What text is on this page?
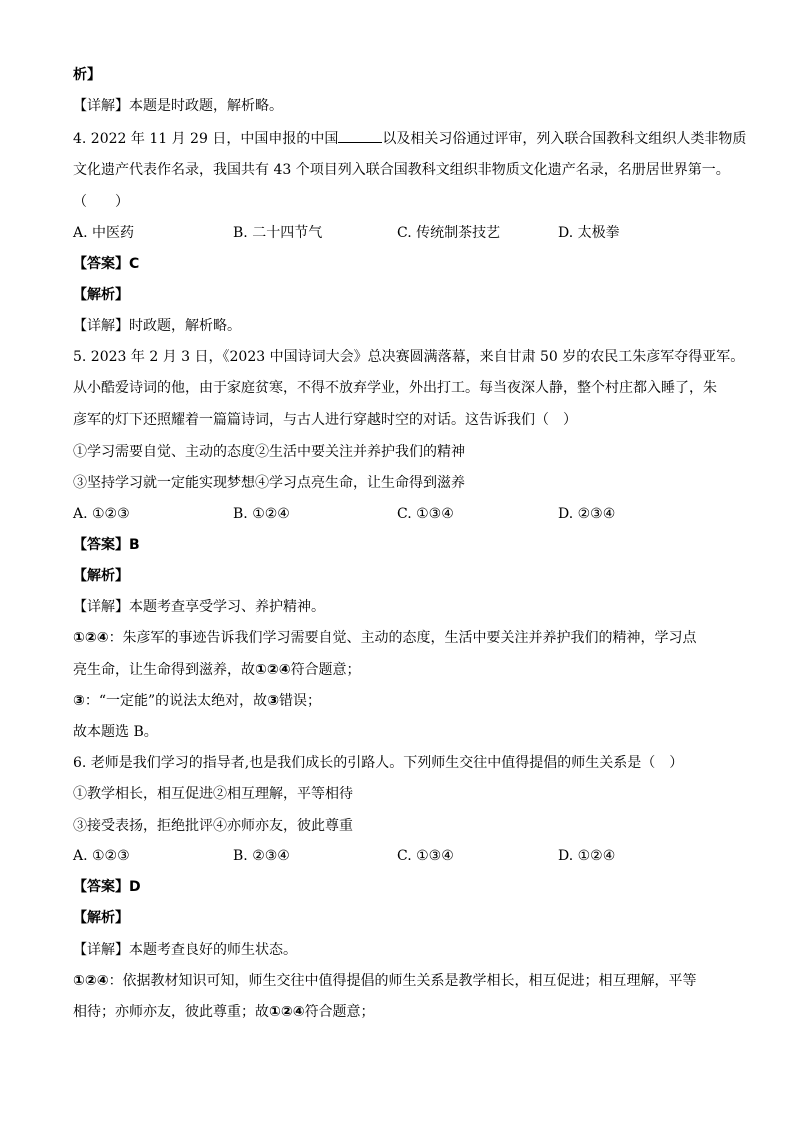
析】
【详解】本题是时政题，解析略。
4. 2022 年 11 月 29 日，中国申报的中国	以及相关习俗通过评审，列入联合国教科文组织人类非物质
文化遗产代表作名录，我国共有 43 个项目列入联合国教科文组织非物质文化遗产名录，名册居世界第一。
（　　）
A. 中医药	B. 二十四节气	C. 传统制茶技艺	D. 太极拳
【答案】C
【解析】
【详解】时政题，解析略。
5. 2023 年 2 月 3 日，《2023 中国诗词大会》总决赛圆满落幕，来自甘肃 50 岁的农民工朱彦军夺得亚军。
从小酷爱诗词的他，由于家庭贫寒，不得不放弃学业，外出打工。每当夜深人静，整个村庄都入睡了，朱
彦军的灯下还照耀着一篇篇诗词，与古人进行穿越时空的对话。这告诉我们（　）
①学习需要自觉、主动的态度②生活中要关注并养护我们的精神
③坚持学习就一定能实现梦想④学习点亮生命，让生命得到滋养
A. ①②③	B. ①②④	C. ①③④	D. ②③④
【答案】B
【解析】
【详解】本题考查享受学习、养护精神。
①②④：朱彦军的事迹告诉我们学习需要自觉、主动的态度，生活中要关注并养护我们的精神，学习点
亮生命，让生命得到滋养，故①②④符合题意；
③：“一定能”的说法太绝对，故③错误；
故本题选 B。
6. 老师是我们学习的指导者,也是我们成长的引路人。下列师生交往中值得提倡的师生关系是（　）
①教学相长，相互促进②相互理解，平等相待
③接受表扬，拒绝批评④亦师亦友，彼此尊重
A. ①②③	B. ②③④	C. ①③④	D. ①②④
【答案】D
【解析】
【详解】本题考查良好的师生状态。
①②④：依据教材知识可知，师生交往中值得提倡的师生关系是教学相长，相互促进；相互理解，平等
相待；亦师亦友，彼此尊重；故①②④符合题意；
